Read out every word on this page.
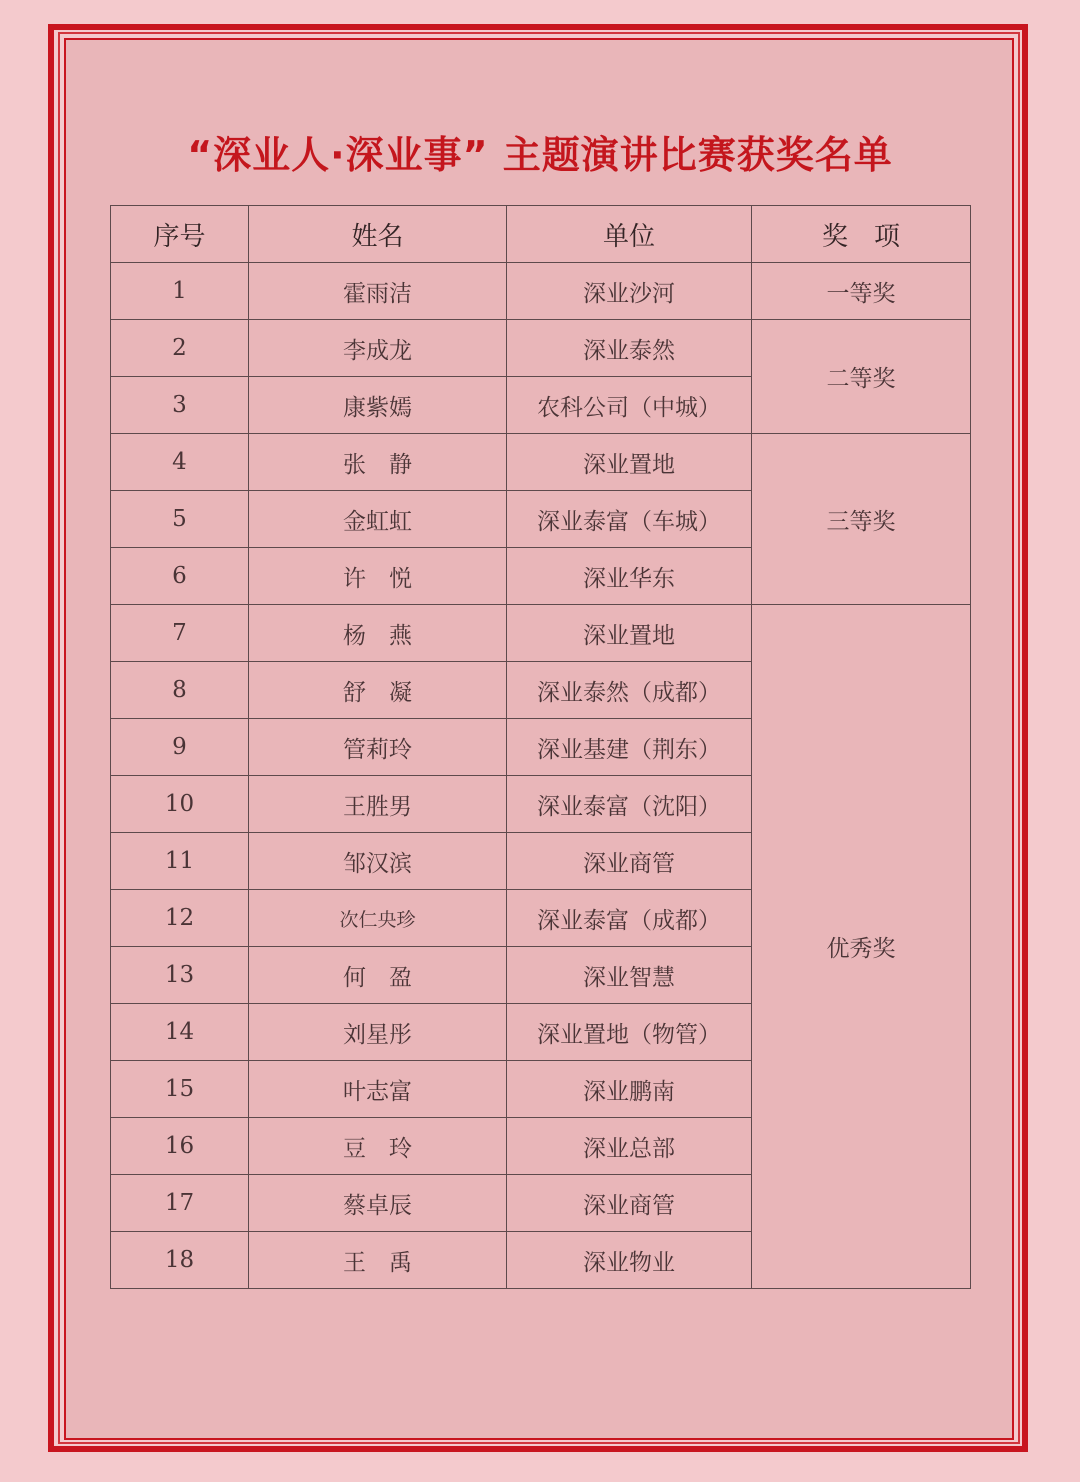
“深业人·深业事” 主题演讲比赛获奖名单
序号	姓名	单位	奖　项
1	霍雨洁	深业沙河	一等奖
2	李成龙	深业泰然	二等奖
3	康紫嫣	农科公司（中城）	
4	张　静	深业置地	三等奖
5	金虹虹	深业泰富（车城）	
6	许　悦	深业华东	
7	杨　燕	深业置地	优秀奖
8	舒　凝	深业泰然（成都）	
9	管莉玲	深业基建（荆东）	
10	王胜男	深业泰富（沈阳）	
11	邹汉滨	深业商管	
12	次仁央珍	深业泰富（成都）	
13	何　盈	深业智慧	
14	刘星彤	深业置地（物管）	
15	叶志富	深业鹏南	
16	豆　玲	深业总部	
17	蔡卓辰	深业商管	
18	王　禹	深业物业	
